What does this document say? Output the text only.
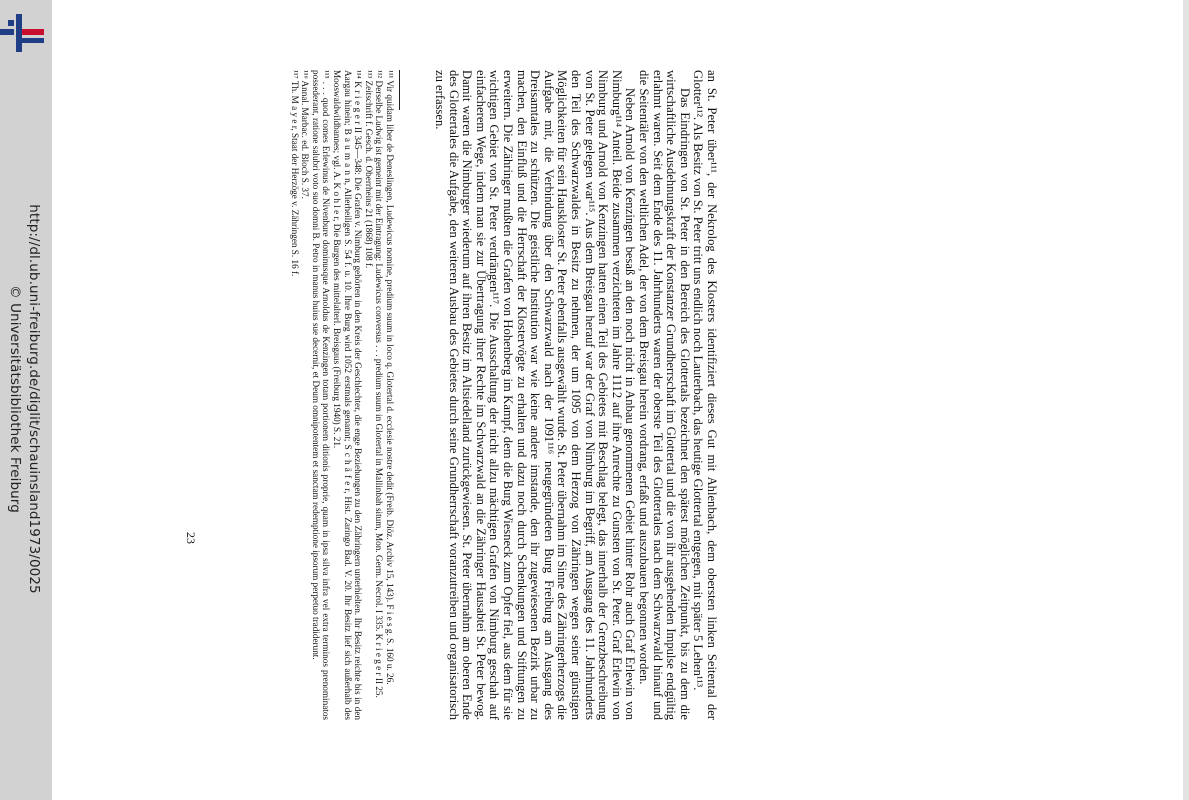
http://dl.ub.uni-freiburg.de/diglit/schauinsland1973/0025
© Universitätsbibliothek Freiburg	an St. Peter über¹¹¹, der Nekrolog des Klosters identifiziert dieses Gut mit Ahlenbach, dem obersten linken Seitental der Glotter¹¹². Als Besitz von St. Peter tritt uns endlich noch Lauterbach, das heutige Glottertal entgegen, mit später 5 Lehen¹¹³.

Das Eindringen von St. Peter in den Bereich des Glottertals bezeichnet den spätest möglichen Zeitpunkt, bis zu dem die wirtschaftliche Ausdehnungskraft der Konstanzer Grundherrschaft im Glottertal und die von ihr ausgehenden Impulse endgültig erlahmt waren. Seit dem Ende des 11. Jahrhunderts waren der oberste Teil des Glottertales nach dem Schwarzwald hinauf und die Seitentäler von den weltlichen Adel, der von dem Breisgau herein vordrang, erfaßt und auszubauen begonnen worden.

Neben Arnold von Kenzingen besaß an den noch nicht in Anbau genommenen Gebiet hinter Rohr auch Graf Erlewin von Nimburg¹¹⁴ Anteil. Beide zusammen verzichteten im Jahre 1112 auf ihre Anrechte zu Gunsten von St. Peter. Graf Erlewin von Nimburg und Arnold von Kenzingen hatten einen Teil des Gebietes mit Beschlag belegt, das innerhalb der Grenzbeschreibung von St. Peter gelegen war¹¹⁵. Aus dem Breisgau herauf war der Graf von Nimburg im Begriff, am Ausgang des 11. Jahrhunderts den Teil des Schwarzwaldes in Besitz zu nehmen, der um 1095 von dem Herzog von Zähringen wegen seiner günstigen Möglichkeiten für sein Hauskloster St. Peter ebenfalls ausgewählt wurde. St. Peter übernahm im Sinne des Zähringerherzogs die Aufgabe mit, die Verbindung über den Schwarzwald nach der 1091¹¹⁶ neugegründeten Burg Freiburg am Ausgang des Dreisamtales zu schützen. Die geistliche Institution war wie keine andere imstande, den ihr zugewiesenen Bezirk urbar zu machen, den Einfluß und die Herrschaft der Klostervögte zu erhalten und dazu noch durch Schenkungen und Stiftungen zu erweitern. Die Zähringer mußten die Grafen von Hohenberg im Kampf, dem die Burg Wiesneck zum Opfer fiel, aus dem für sie wichtigen Gebiet von St. Peter verdrängen¹¹⁷. Die Ausschaltung der nicht allzu mächtigen Grafen von Nimburg geschah auf einfacherem Wege, indem man sie zur Übertragung ihrer Rechte im Schwarzwald an die Zähringer Hausabtei St. Peter bewog. Damit waren die Nimburger wiederum auf ihren Besitz im Altsiedelland zurückgewiesen. St. Peter übernahm am oberen Ende des Glottertales die Aufgabe, den weiteren Ausbau des Gebietes durch seine Grundherrschaft voranzutreiben und organisatorisch zu erfassen.

¹¹¹ Vir quidam liber de Deneslingen, Ludewicus nomine, predium suum in loco q. Glotertal d. ecclesie nostre dedit (Freib. Diöz. Archiv 15, 143). F i e s g. S. 160 u. 26.

¹¹² Derselbe Ludwig ist gemeint mit der Eintragung: Ludewicus conversus . . . predium suum in Glotertal in Mallinbah situm, Mon. Germ. Necrol. I 335. K r i e g e r II 25.

¹¹³ Zeitschrift f. Gesch. d. Oberrheins 21 (1868) 108 f.

¹¹⁴ K r i e g e r II 345—348: Die Grafen v. Nimburg gehörten in den Kreis der Geschlechter, die enge Beziehungen zu den Zähringern unterhielten. Ihr Besitz reichte bis in den Aargau hinein; B a u m a n n, Allerheiligen S. 54 f. u. 10. Ihre Burg wird 1052 erstmals genannt; S c h ä f e r, Hist. Zaringo Bad. V. 20. Ihr Besitz lief sich außerhalb des Mooswaldwildbannes; vgl. A. K o h l e r, Die Burgen des mittelalterl. Breisgaus (Freiburg 1940) S. 21.

¹¹⁵ . . . quod comes Erlewinus de Nivenbure dominusque Arnoldus de Kenzingen totam portionem ditionis proprie, quam in ipsa silva infra vel extra terminos prenominatos possederant, ratione salubri voto suo domni B. Petro in manus huius sue decernit, et Deum omnipotentem et sanctam redemptione ipsorum perpetuo tradiderunt.

¹¹⁶ Annal. Marbac. ed. Bloch S. 37.

¹¹⁷ Th. M a y e r, Staat der Herzöge v. Zähringen S. 16 f.

23
